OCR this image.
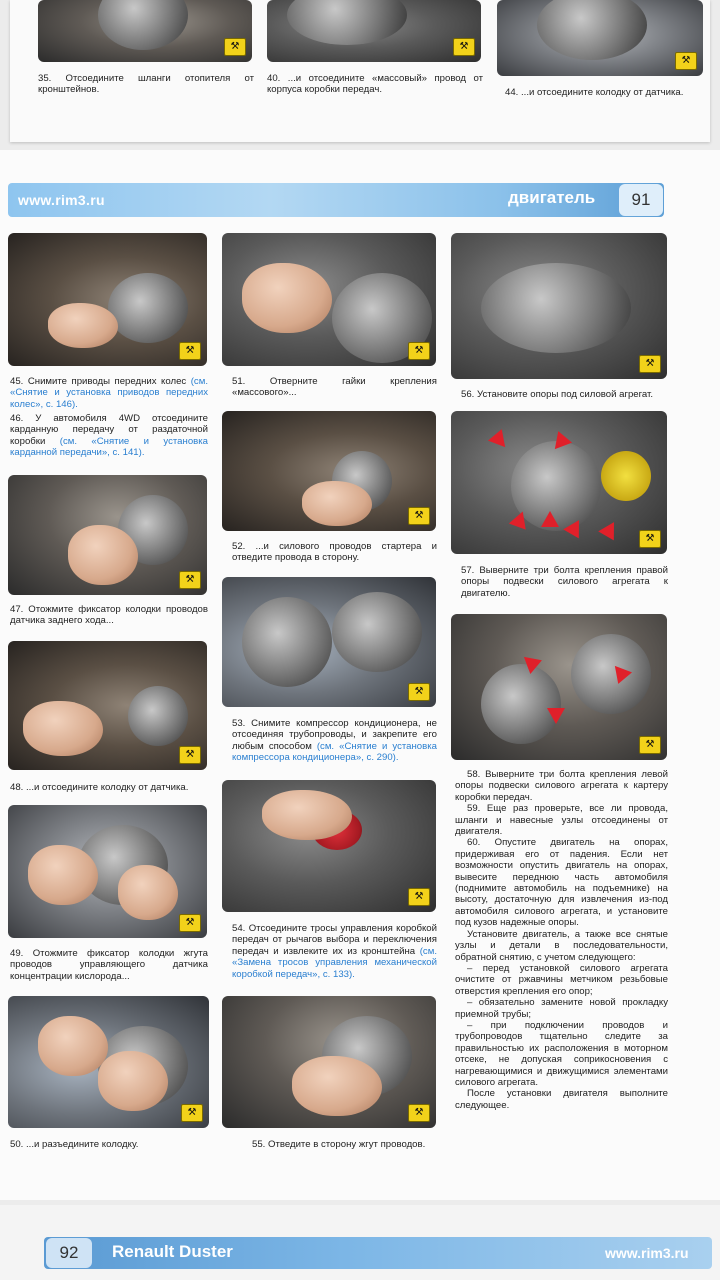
⚒	⚒
⚒
35. Отсоедините шланги отопителя от кронштейнов.
40. ...и отсоедините «массовый» провод от корпуса коробки передач.	44. ...и отсоедините колодку от датчика.
www.rim3.ru	двигатель	91
⚒
45. Снимите приводы передних колес (см. «Снятие и установка приводов передних колес», с. 146).
46. У автомобиля 4WD отсоедините карданную передачу от раздаточной коробки (см. «Снятие и установка карданной передачи», с. 141).
⚒
47. Отожмите фиксатор колодки проводов датчика заднего хода...
⚒
48. ...и отсоедините колодку от датчика.
⚒
49. Отожмите фиксатор колодки жгута проводов управляющего датчика концентрации кислорода...
⚒
50. ...и разъедините колодку.
⚒
51. Отверните гайки крепления «массового»...
⚒
52. ...и силового проводов стартера и отведите провода в сторону.
⚒
53. Снимите компрессор кондиционера, не отсоединяя трубопроводы, и закрепите его любым способом (см. «Снятие и установка компрессора кондиционера», с. 290).
⚒
54. Отсоедините тросы управления коробкой передач от рычагов выбора и переключения передач и извлеките их из кронштейна (см. «Замена тросов управления механической коробкой передач», с. 133).
⚒
55. Отведите в сторону жгут проводов.
⚒
56. Установите опоры под силовой агрегат.
⚒
57. Выверните три болта крепления правой опоры подвески силового агрегата к двигателю.
⚒

58. Выверните три болта крепления левой опоры подвески силового агрегата к картеру коробки передач.

59. Еще раз проверьте, все ли провода, шланги и навесные узлы отсоединены от двигателя.

60. Опустите двигатель на опорах, придерживая его от падения. Если нет возможности опустить двигатель на опорах, вывесите переднюю часть автомобиля (поднимите автомобиль на подъемнике) на высоту, достаточную для извлечения из-под автомобиля силового агрегата, и установите под кузов надежные опоры.

Установите двигатель, а также все снятые узлы и детали в последовательности, обратной снятию, с учетом следующего:

– перед установкой силового агрегата очистите от ржавчины метчиком резьбовые отверстия крепления его опор;

– обязательно замените новой прокладку приемной трубы;

– при подключении проводов и трубопроводов тщательно следите за правильностью их расположения в моторном отсеке, не допуская соприкосновения с нагревающимися и движущимися элементами силового агрегата.

После установки двигателя выполните следующее.

92	Renault Duster	www.rim3.ru
